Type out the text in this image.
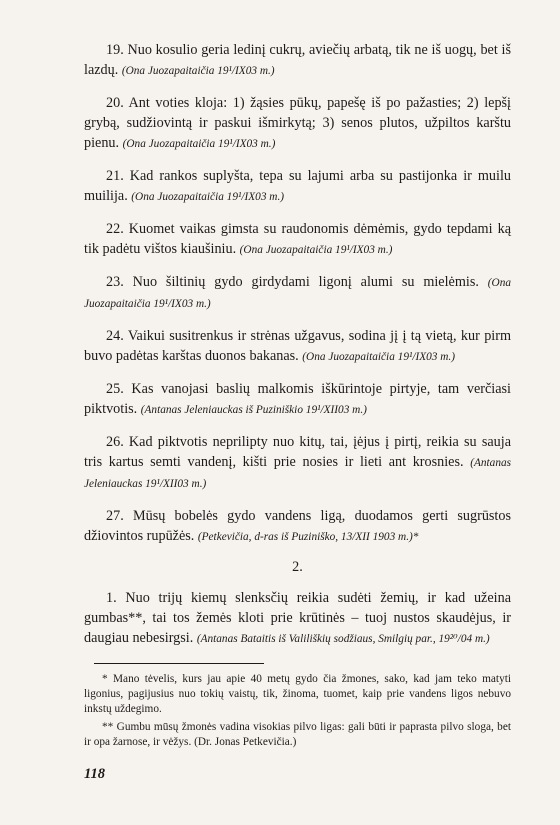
19. Nuo kosulio geria ledinį cukrų, aviečių arbatą, tik ne iš uogų, bet iš lazdų. (Ona Juozapaitaičia 19¹/IX03 m.)

20. Ant voties kloja: 1) žąsies pūkų, papešę iš po pažasties; 2) lepšį grybą, sudžiovintą ir paskui išmirkytą; 3) senos plutos, užpiltos karštu pienu. (Ona Juozapaitaičia 19¹/IX03 m.)

21. Kad rankos suplyšta, tepa su lajumi arba su pastijonka ir muilu muilija. (Ona Juozapaitaičia 19¹/IX03 m.)

22. Kuomet vaikas gimsta su raudonomis dėmėmis, gydo tepdami ką tik padėtu vištos kiaušiniu. (Ona Juozapaitaičia 19¹/IX03 m.)

23. Nuo šiltinių gydo girdydami ligonį alumi su mielėmis. (Ona Juozapaitaičia 19¹/IX03 m.)

24. Vaikui susitrenkus ir strėnas užgavus, sodina jį į tą vietą, kur pirm buvo padėtas karštas duonos bakanas. (Ona Juozapaitaičia 19¹/IX03 m.)

25. Kas vanojasi baslių malkomis iškūrintoje pirtyje, tam verčiasi piktvotis. (Antanas Jeleniauckas iš Puziniškio 19¹/XII03 m.)

26. Kad piktvotis neprilipty nuo kitų, tai, įėjus į pirtį, reikia su sauja tris kartus semti vandenį, kišti prie nosies ir lieti ant krosnies. (Antanas Jeleniauckas 19¹/XII03 m.)

27. Mūsų bobelės gydo vandens ligą, duodamos gerti sugrūstos džiovintos rupūžės. (Petkevičia, d-ras iš Puziniško, 13/XII 1903 m.)*

2.

1. Nuo trijų kiemų slenksčių reikia sudėti žemių, ir kad užeina gumbas**, tai tos žemės kloti prie krūtinės – tuoj nustos skaudėjus, ir daugiau nebesirgsi. (Antanas Bataitis iš Valiliškių sodžiaus, Smilgių par., 19²⁰/04 m.)

* Mano tėvelis, kurs jau apie 40 metų gydo čia žmones, sako, kad jam teko matyti ligonius, pagijusius nuo tokių vaistų, tik, žinoma, tuomet, kaip prie vandens ligos nebuvo inkstų uždegimo.

** Gumbu mūsų žmonės vadina visokias pilvo ligas: gali būti ir paprasta pilvo sloga, bet ir opa žarnose, ir vėžys. (Dr. Jonas Petkevičia.)

118
